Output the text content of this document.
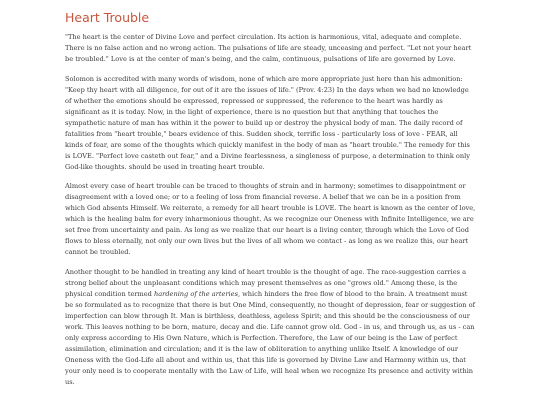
Heart Trouble

"The heart is the center of Divine Love and perfect circulation. Its action is harmonious, vital, adequate and complete. There is no false action and no wrong action. The pulsations of life are steady, unceasing and perfect. "Let not your heart be troubled." Love is at the center of man's being, and the calm, continuous, pulsations of life are governed by Love.

Solomon is accredited with many words of wisdom, none of which are more appropriate just here than his admonition: "Keep thy heart with all diligence, for out of it are the issues of life." (Prov. 4:23) In the days when we had no knowledge of whether the emotions should be expressed, repressed or suppressed, the reference to the heart was hardly as significant as it is today. Now, in the light of experience, there is no question but that anything that touches the sympathetic nature of man has within it the power to build up or destroy the physical body of man. The daily record of fatalities from "heart trouble," bears evidence of this. Sudden shock, terrific loss - particularly loss of love - FEAR, all kinds of fear, are some of the thoughts which quickly manifest in the body of man as "heart trouble." The remedy for this is LOVE. "Perfect love casteth out fear," and a Divine fearlessness, a singleness of purpose, a determination to think only God-like thoughts. should be used in treating heart trouble.

Almost every case of heart trouble can be traced to thoughts of strain and in harmony; sometimes to disappointment or disagreement with a loved one; or to a feeling of loss from financial reverse. A belief that we can be in a position from which God absents Himself. We reiterate, a remedy for all heart trouble is LOVE. The heart is known as the center of love, which is the healing balm for every inharmonious thought. As we recognize our Oneness with Infinite Intelligence, we are set free from uncertainty and pain. As long as we realize that our heart is a living center, through which the Love of God flows to bless eternally, not only our own lives but the lives of all whom we contact - as long as we realize this, our heart cannot be troubled.

Another thought to be handled in treating any kind of heart trouble is the thought of age. The race-suggestion carries a strong belief about the unpleasant conditions which may present themselves as one "grows old." Among these, is the physical condition termed hardening of the arteries, which hinders the free flow of blood to the brain. A treatment must be so formulated as to recognize that there is but One Mind, consequently, no thought of depression, fear or suggestion of imperfection can blow through It. Man is birthless, deathless, ageless Spirit; and this should be the consciousness of our work. This leaves nothing to be born, mature, decay and die. Life cannot grow old. God - in us, and through us, as us - can only express according to His Own Nature, which is Perfection. Therefore, the Law of our being is the Law of perfect assimilation, elimination and circulation; and it is the law of obliteration to anything unlike Itself. A knowledge of our Oneness with the God-Life all about and within us, that this life is governed by Divine Law and Harmony within us, that your only need is to cooperate mentally with the Law of Life, will heal when we recognize Its presence and activity within us.
